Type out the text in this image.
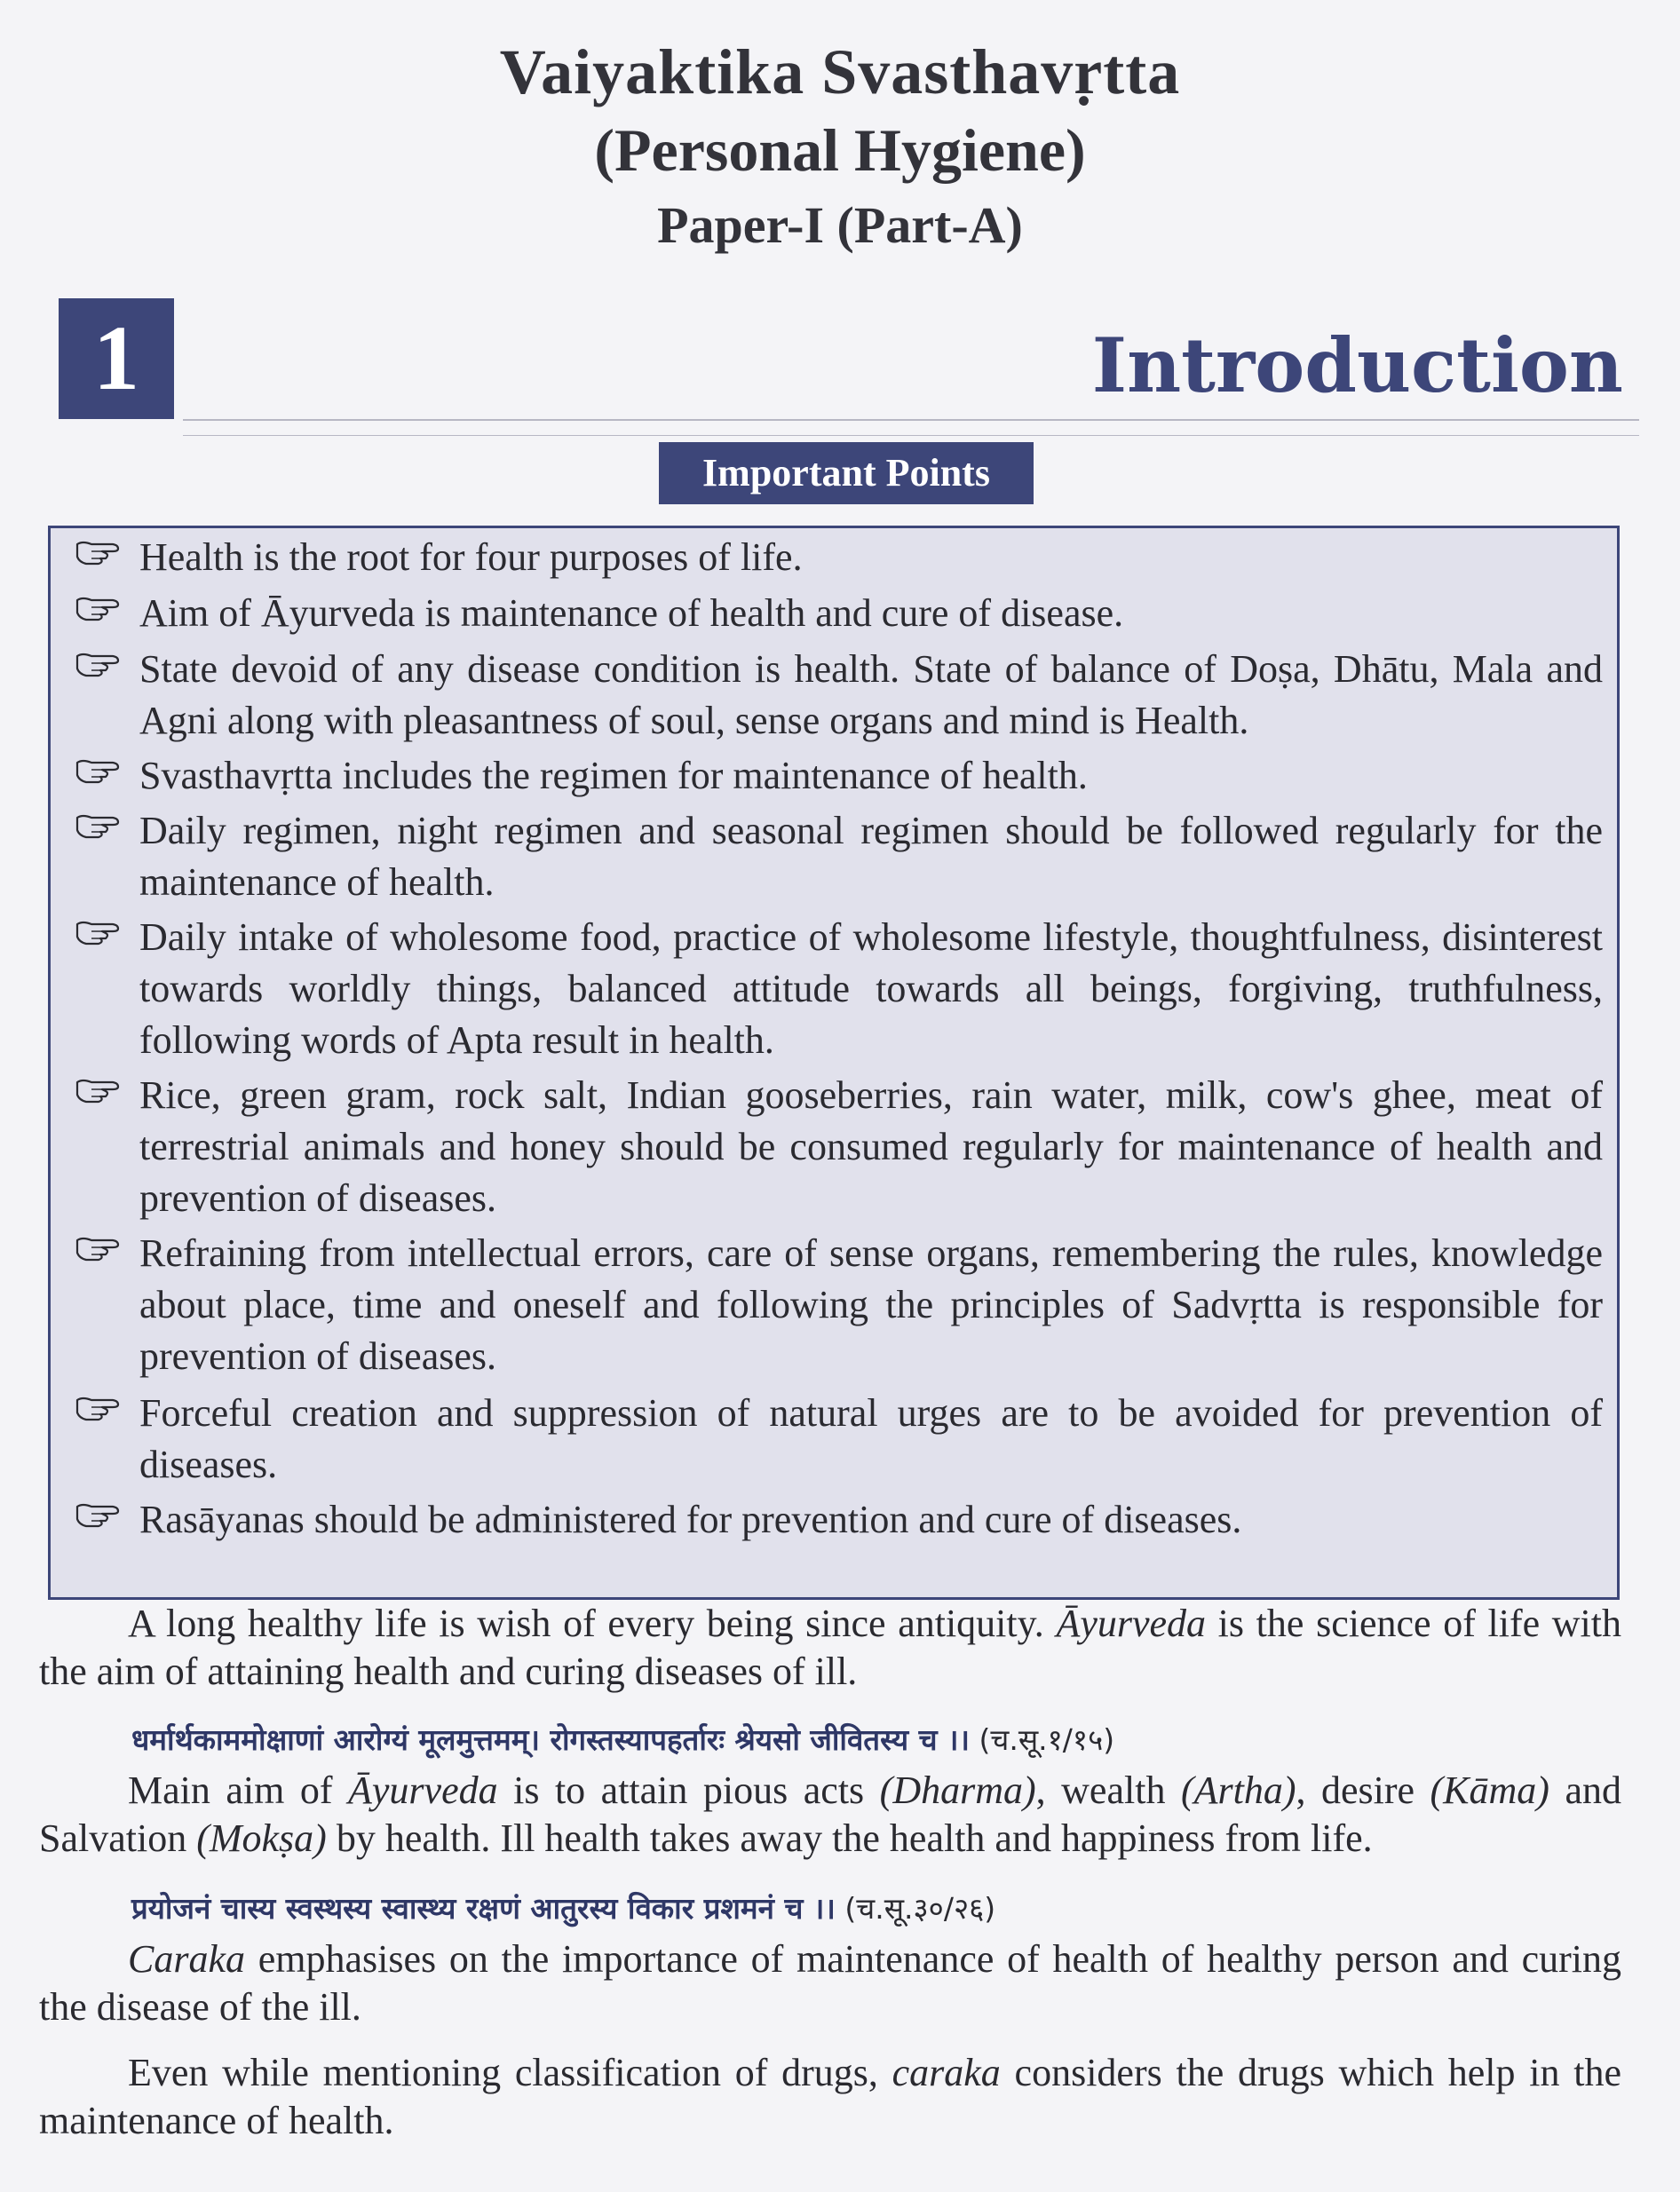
Vaiyaktika Svasthavṛtta
(Personal Hygiene)
Paper-I (Part-A)
1	Introduction
Important Points
Health is the root for four purposes of life.
Aim of Āyurveda is maintenance of health and cure of disease.
State devoid of any disease condition is health. State of balance of Doṣa, Dhātu, Mala and Agni along with pleasantness of soul, sense organs and mind is Health.
Svasthavṛtta includes the regimen for maintenance of health.
Daily regimen, night regimen and seasonal regimen should be followed regularly for the maintenance of health.
Daily intake of wholesome food, practice of wholesome lifestyle, thoughtfulness, disinterest towards worldly things, balanced attitude towards all beings, forgiving, truthfulness, following words of Apta result in health.
Rice, green gram, rock salt, Indian gooseberries, rain water, milk, cow's ghee, meat of terrestrial animals and honey should be consumed regularly for maintenance of health and prevention of diseases.
Refraining from intellectual errors, care of sense organs, remembering the rules, knowledge about place, time and oneself and following the principles of Sadvṛtta is responsible for prevention of diseases.
Forceful creation and suppression of natural urges are to be avoided for prevention of diseases.
Rasāyanas should be administered for prevention and cure of diseases.

A long healthy life is wish of every being since antiquity. Āyurveda is the science of life with the aim of attaining health and curing diseases of ill.

धर्मार्थकाममोक्षाणां आरोग्यं मूलमुत्तमम्। रोगस्तस्यापहर्तारः श्रेयसो जीवितस्य च ।। (च.सू.१/१५)

Main aim of Āyurveda is to attain pious acts (Dharma), wealth (Artha), desire (Kāma) and Salvation (Mokṣa) by health. Ill health takes away the health and happiness from life.

प्रयोजनं चास्य स्वस्थस्य स्वास्थ्य रक्षणं आतुरस्य विकार प्रशमनं च ।। (च.सू.३०/२६)

Caraka emphasises on the importance of maintenance of health of healthy person and curing the disease of the ill.

Even while mentioning classification of drugs, caraka considers the drugs which help in the maintenance of health.
